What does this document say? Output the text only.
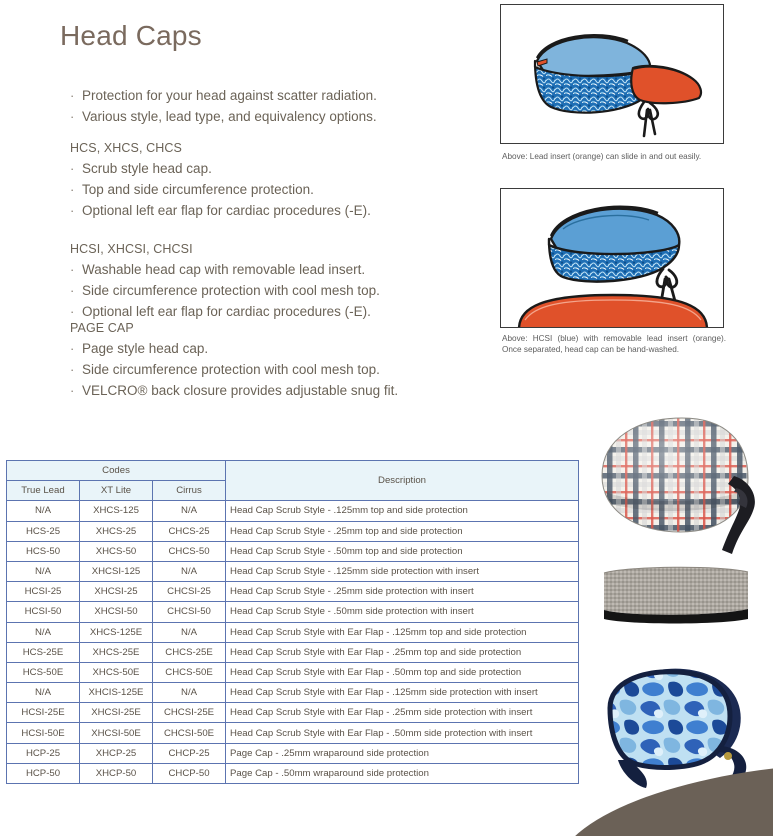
Head Caps
· Protection for your head against scatter radiation.
· Various style, lead type, and equivalency options.
HCS, XHCS, CHCS
· Scrub style head cap.
· Top and side circumference protection.
· Optional left ear flap for cardiac procedures (-E).
HCSI, XHCSI, CHCSI
· Washable head cap with removable lead insert.
· Side circumference protection with cool mesh top.
· Optional left ear flap for cardiac procedures (-E).
PAGE CAP
· Page style head cap.
· Side circumference protection with cool mesh top.
· VELCRO® back closure provides adjustable snug fit.
Above: Lead insert (orange) can slide in and out easily.
Above: HCSI (blue) with removable lead insert (orange). Once separated, head cap can be hand-washed.
Codes			Description
True Lead	XT Lite	Cirrus	
N/A	XHCS-125	N/A	Head Cap Scrub Style - .125mm top and side protection
HCS-25	XHCS-25	CHCS-25	Head Cap Scrub Style - .25mm top and side protection
HCS-50	XHCS-50	CHCS-50	Head Cap Scrub Style - .50mm top and side protection
N/A	XHCSI-125	N/A	Head Cap Scrub Style - .125mm side protection with insert
HCSI-25	XHCSI-25	CHCSI-25	Head Cap Scrub Style - .25mm side protection with insert
HCSI-50	XHCSI-50	CHCSI-50	Head Cap Scrub Style - .50mm side protection with insert
N/A	XHCS-125E	N/A	Head Cap Scrub Style with Ear Flap - .125mm top and side protection
HCS-25E	XHCS-25E	CHCS-25E	Head Cap Scrub Style with Ear Flap - .25mm top and side protection
HCS-50E	XHCS-50E	CHCS-50E	Head Cap Scrub Style with Ear Flap - .50mm top and side protection
N/A	XHCIS-125E	N/A	Head Cap Scrub Style with Ear Flap - .125mm side protection with insert
HCSI-25E	XHCSI-25E	CHCSI-25E	Head Cap Scrub Style with Ear Flap - .25mm side protection with insert
HCSI-50E	XHCSI-50E	CHCSI-50E	Head Cap Scrub Style with Ear Flap - .50mm side protection with insert
HCP-25	XHCP-25	CHCP-25	Page Cap - .25mm wraparound side protection
HCP-50	XHCP-50	CHCP-50	Page Cap - .50mm wraparound side protection
